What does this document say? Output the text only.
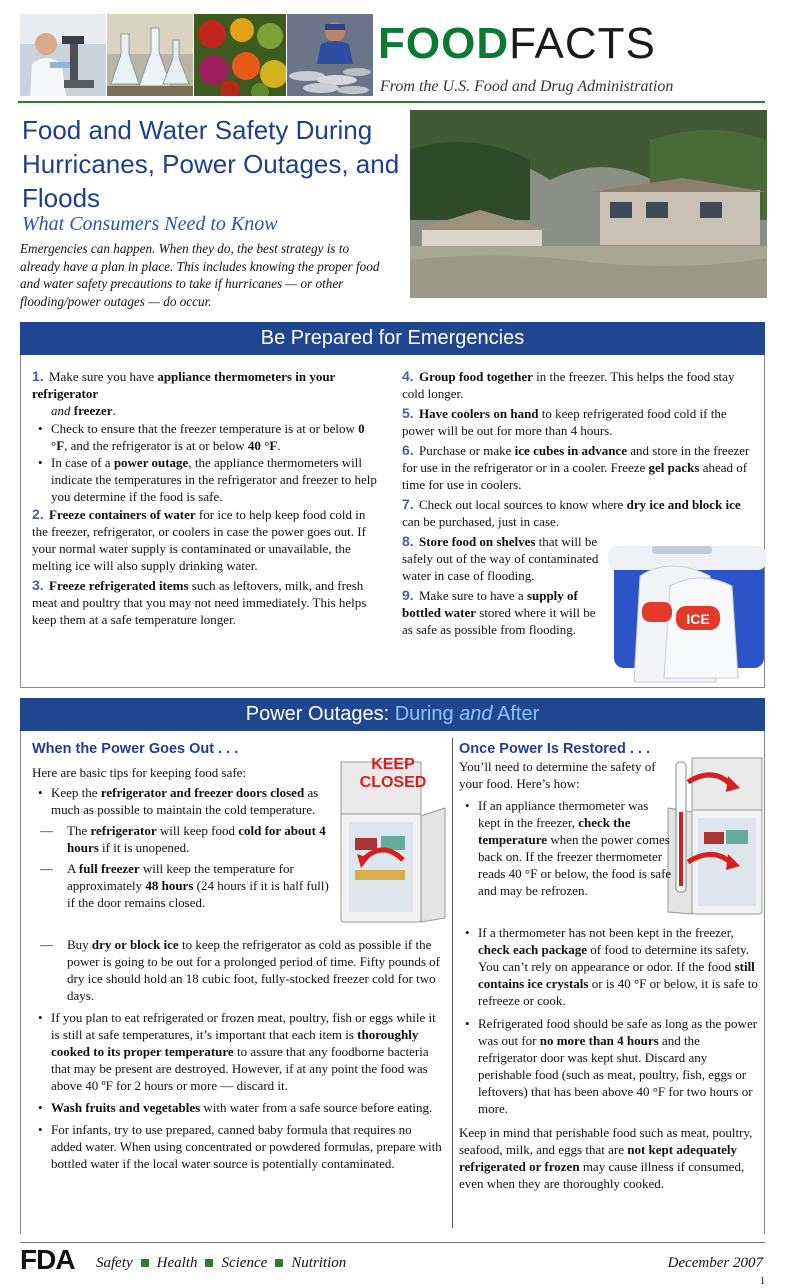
FOODFACTS
From the U.S. Food and Drug Administration
Food and Water Safety During Hurricanes, Power Outages, and Floods
What Consumers Need to Know
Emergencies can happen. When they do, the best strategy is to already have a plan in place. This includes knowing the proper food and water safety precautions to take if hurricanes — or other flooding/power outages — do occur.
Be Prepared for Emergencies
1. Make sure you have appliance thermometers in your refrigerator
and freezer.
• Check to ensure that the freezer temperature is at or below 0 °F, and the refrigerator is at or below 40 °F.
• In case of a power outage, the appliance thermometers will indicate the temperatures in the refrigerator and freezer to help you determine if the food is safe.
2. Freeze containers of water for ice to help keep food cold in the freezer, refrigerator, or coolers in case the power goes out. If your normal water supply is contaminated or unavailable, the melting ice will also supply drinking water.
3. Freeze refrigerated items such as leftovers, milk, and fresh meat and poultry that you may not need immediately. This helps keep them at a safe temperature longer.
4. Group food together in the freezer. This helps the food stay cold longer.
5. Have coolers on hand to keep refrigerated food cold if the power will be out for more than 4 hours.
6. Purchase or make ice cubes in advance and store in the freezer for use in the refrigerator or in a cooler. Freeze gel packs ahead of time for use in coolers.
7. Check out local sources to know where dry ice and block ice can be purchased, just in case.
8. Store food on shelves that will be safely out of the way of contaminated water in case of flooding.
9. Make sure to have a supply of bottled water stored where it will be as safe as possible from flooding.
ICE
Power Outages: During and After
When the Power Goes Out . . .
Here are basic tips for keeping food safe:	KEEP
CLOSED
• Keep the refrigerator and freezer doors closed as much as possible to maintain the cold temperature.
— The refrigerator will keep food cold for about 4 hours if it is unopened.
— A full freezer will keep the temperature for approximately 48 hours (24 hours if it is half full) if the door remains closed.
— Buy dry or block ice to keep the refrigerator as cold as possible if the power is going to be out for a prolonged period of time. Fifty pounds of dry ice should hold an 18 cubic foot, fully-stocked freezer cold for two days.
• If you plan to eat refrigerated or frozen meat, poultry, fish or eggs while it is still at safe temperatures, it’s important that each item is thoroughly cooked to its proper temperature to assure that any foodborne bacteria that may be present are destroyed. However, if at any point the food was above 40 ºF for 2 hours or more — discard it.
• Wash fruits and vegetables with water from a safe source before eating.
• For infants, try to use prepared, canned baby formula that requires no added water. When using concentrated or powdered formulas, prepare with bottled water if the local water source is potentially contaminated.
Once Power Is Restored . . .
You’ll need to determine the safety of your food. Here’s how:
• If an appliance thermometer was kept in the freezer, check the temperature when the power comes back on. If the freezer thermometer reads 40 °F or below, the food is safe and may be refrozen.
• If a thermometer has not been kept in the freezer, check each package of food to determine its safety. You can’t rely on appearance or odor. If the food still contains ice crystals or is 40 °F or below, it is safe to refreeze or cook.
• Refrigerated food should be safe as long as the power was out for no more than 4 hours and the refrigerator door was kept shut. Discard any perishable food (such as meat, poultry, fish, eggs or leftovers) that has been above 40 °F for two hours or more.
Keep in mind that perishable food such as meat, poultry, seafood, milk, and eggs that are not kept adequately refrigerated or frozen may cause illness if consumed, even when they are thoroughly cooked.
FDA Safety Health Science Nutrition	December 2007
1
